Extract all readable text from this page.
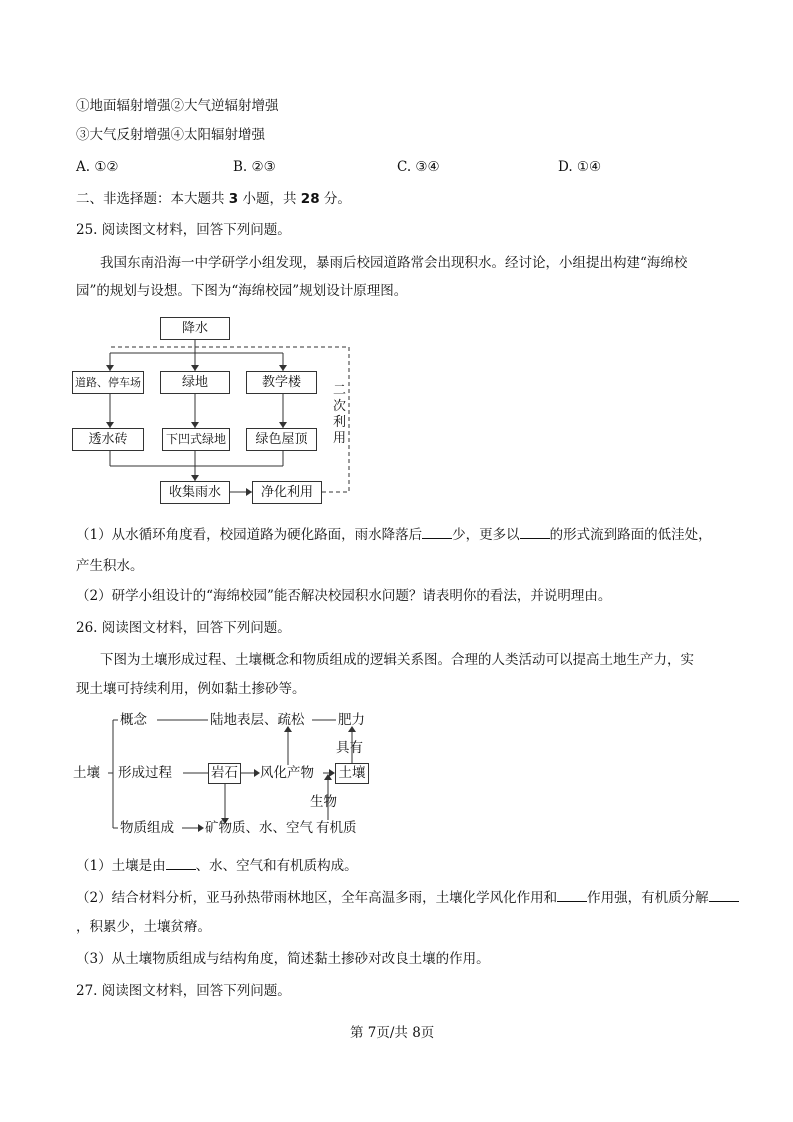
①地面辐射增强②大气逆辐射增强
③大气反射增强④太阳辐射增强
A. ①②	B. ②③	C. ③④	D. ①④
二、非选择题：本大题共 3 小题，共 28 分。
25. 阅读图文材料，回答下列问题。
我国东南沿海一中学研学小组发现，暴雨后校园道路常会出现积水。经讨论，小组提出构建“海绵校
园”的规划与设想。下图为“海绵校园”规划设计原理图。
降水
道路、停车场	绿地	教学楼
透水砖	下凹式绿地	绿色屋顶
收集雨水	净化利用
二次利用
（1）从水循环角度看，校园道路为硬化路面，雨水降落后 少，更多以 的形式流到路面的低洼处，
产生积水。
（2）研学小组设计的“海绵校园”能否解决校园积水问题？请表明你的看法，并说明理由。
26. 阅读图文材料，回答下列问题。
下图为土壤形成过程、土壤概念和物质组成的逻辑关系图。合理的人类活动可以提高土地生产力，实
现土壤可持续利用，例如黏土掺砂等。
土壤
概念	陆地表层、疏松 肥力
具有
形成过程	岩石 风化产物 土壤
生物
物质组成 矿物质、水、空气 有机质
（1）土壤是由 、水、空气和有机质构成。
（2）结合材料分析，亚马孙热带雨林地区，全年高温多雨，土壤化学风化作用和 作用强，有机质分解
，积累少，土壤贫瘠。
（3）从土壤物质组成与结构角度，简述黏土掺砂对改良土壤的作用。
27. 阅读图文材料，回答下列问题。
第 7页/共 8页
